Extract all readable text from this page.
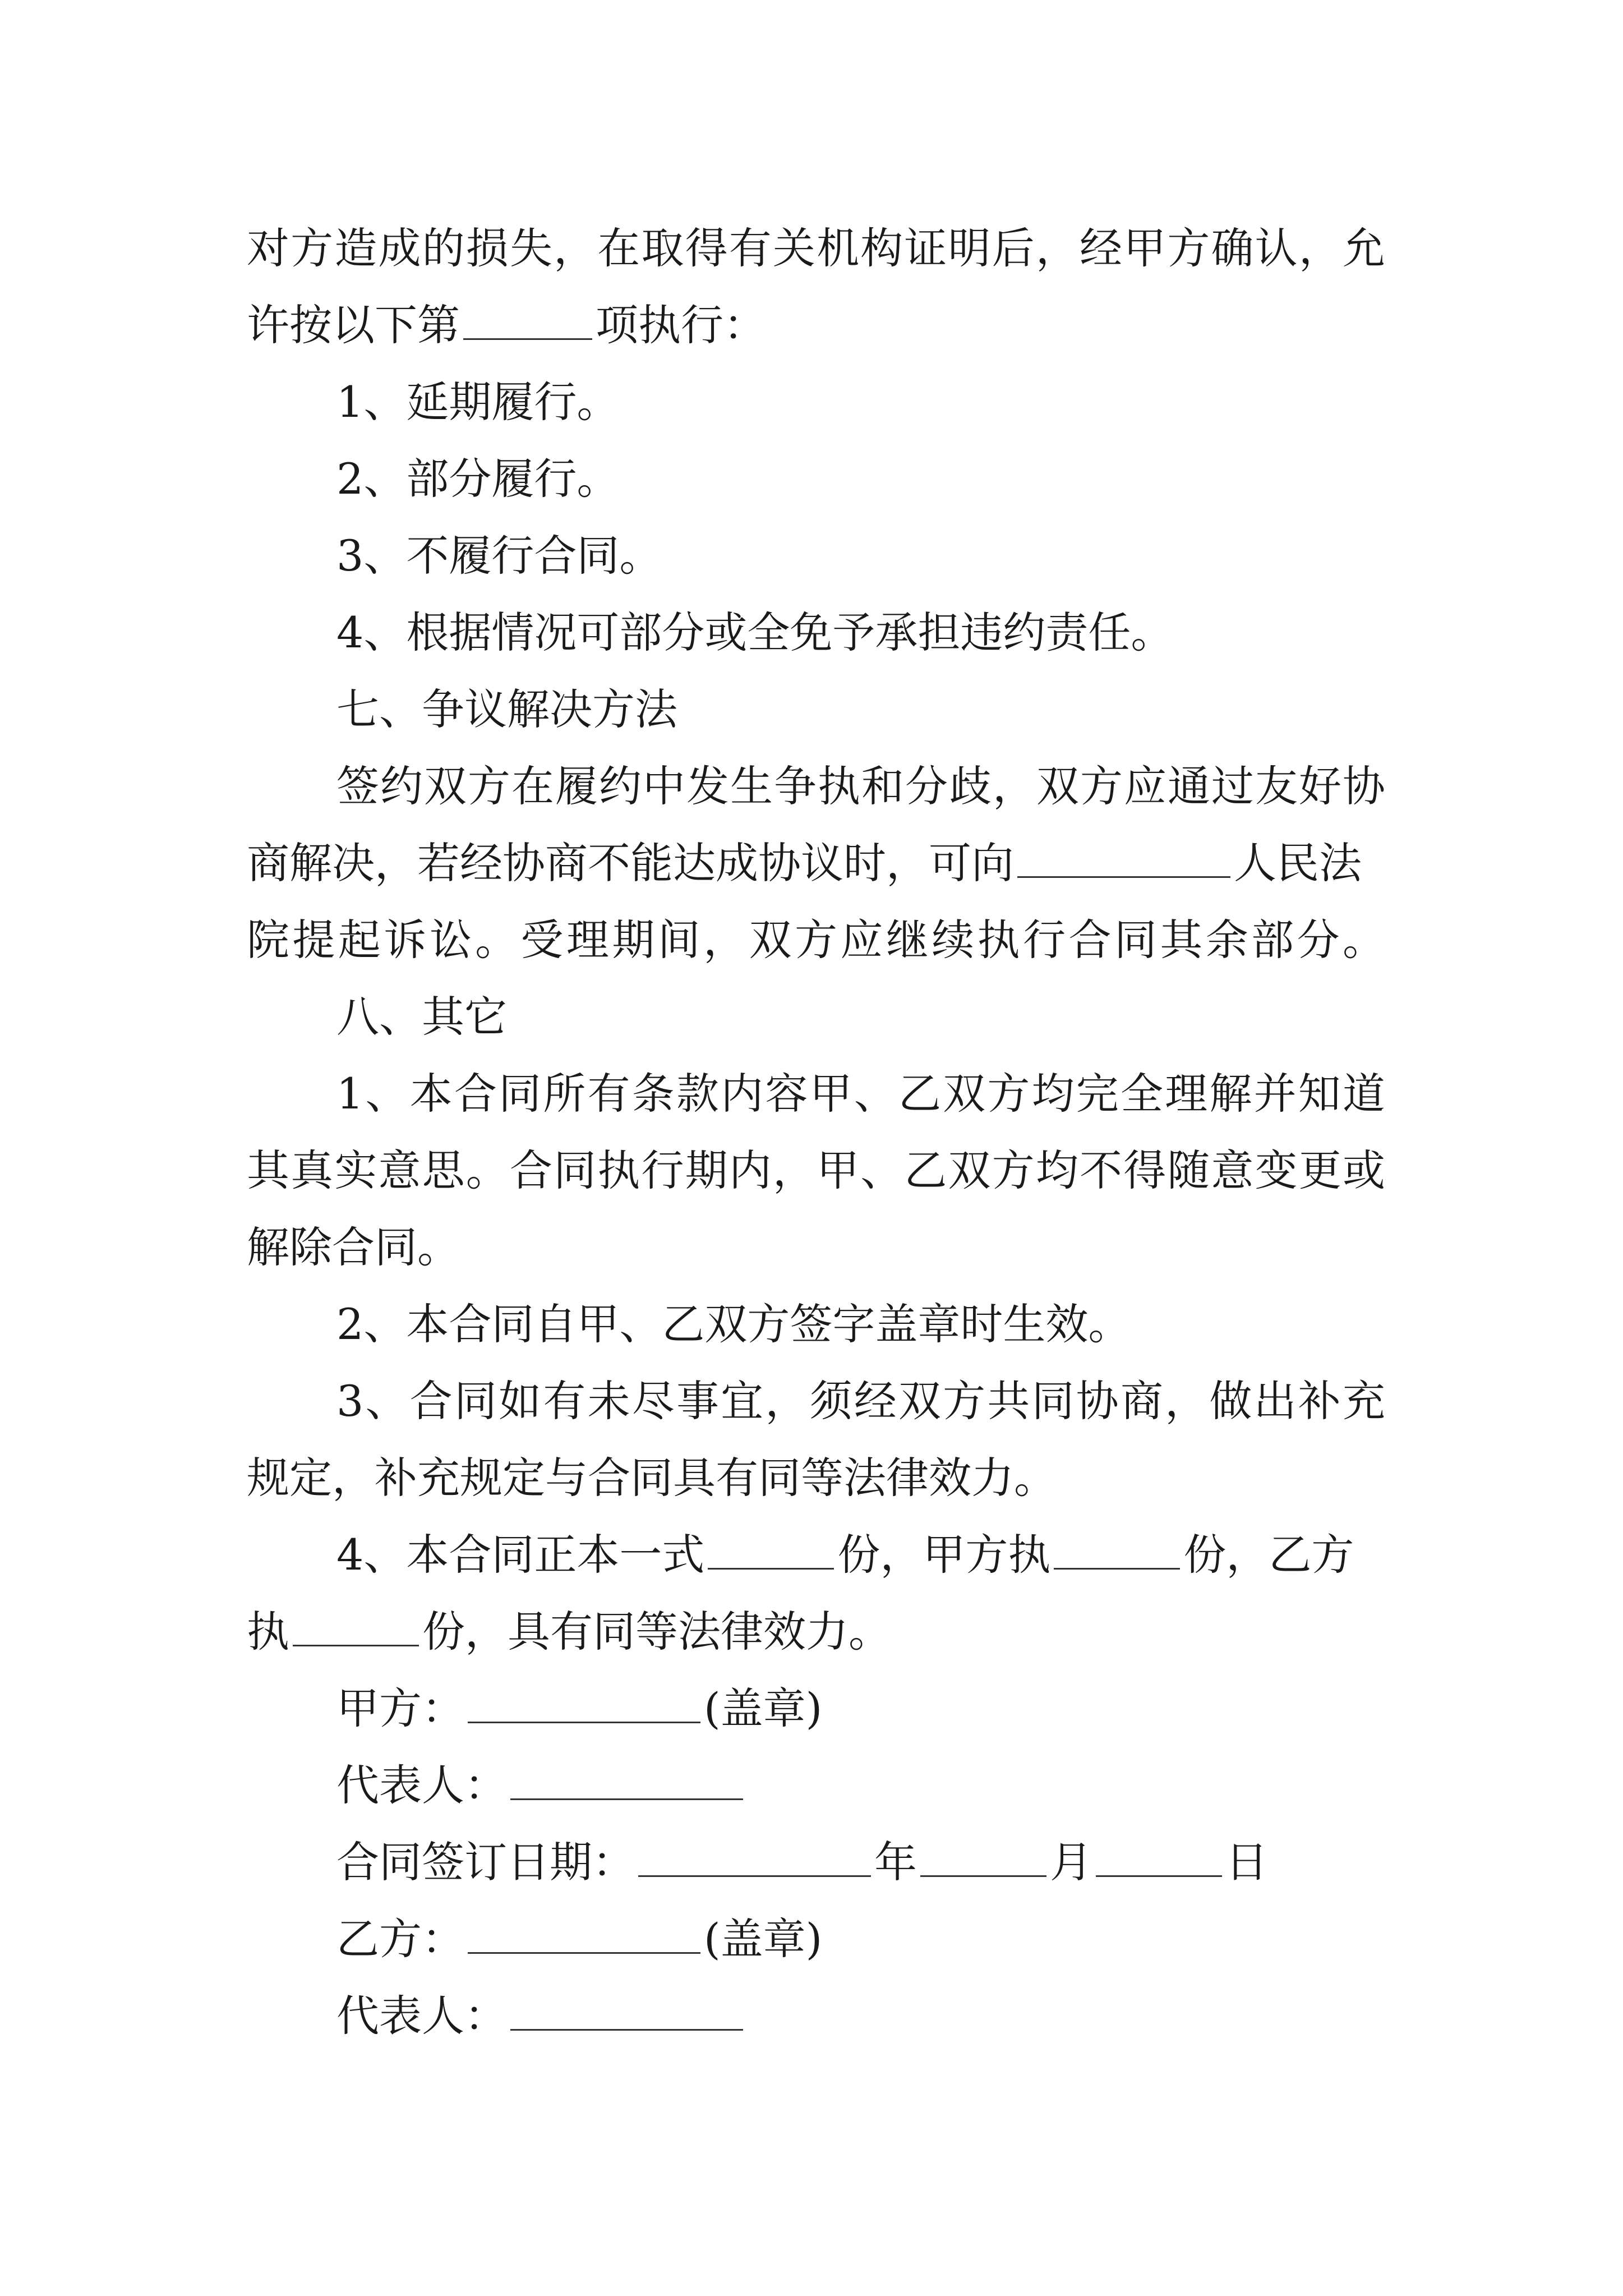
对方造成的损失，在取得有关机构证明后，经甲方确认，允
许按以下第	项执行：
1、延期履行。
2、部分履行。
3、不履行合同。
4、根据情况可部分或全免予承担违约责任。
七、争议解决方法
签约双方在履约中发生争执和分歧，双方应通过友好协
商解决，若经协商不能达成协议时，可向	人民法
院提起诉讼。受理期间，双方应继续执行合同其余部分。
八、其它
1、本合同所有条款内容甲、乙双方均完全理解并知道
其真实意思。合同执行期内，甲、乙双方均不得随意变更或
解除合同。
2、本合同自甲、乙双方签字盖章时生效。
3、合同如有未尽事宜，须经双方共同协商，做出补充
规定，补充规定与合同具有同等法律效力。
4、本合同正本一式	份，甲方执	份，乙方
执	份，具有同等法律效力。
甲方：	(盖章)
代表人：
合同签订日期：	年	月	日
乙方：	(盖章)
代表人：
